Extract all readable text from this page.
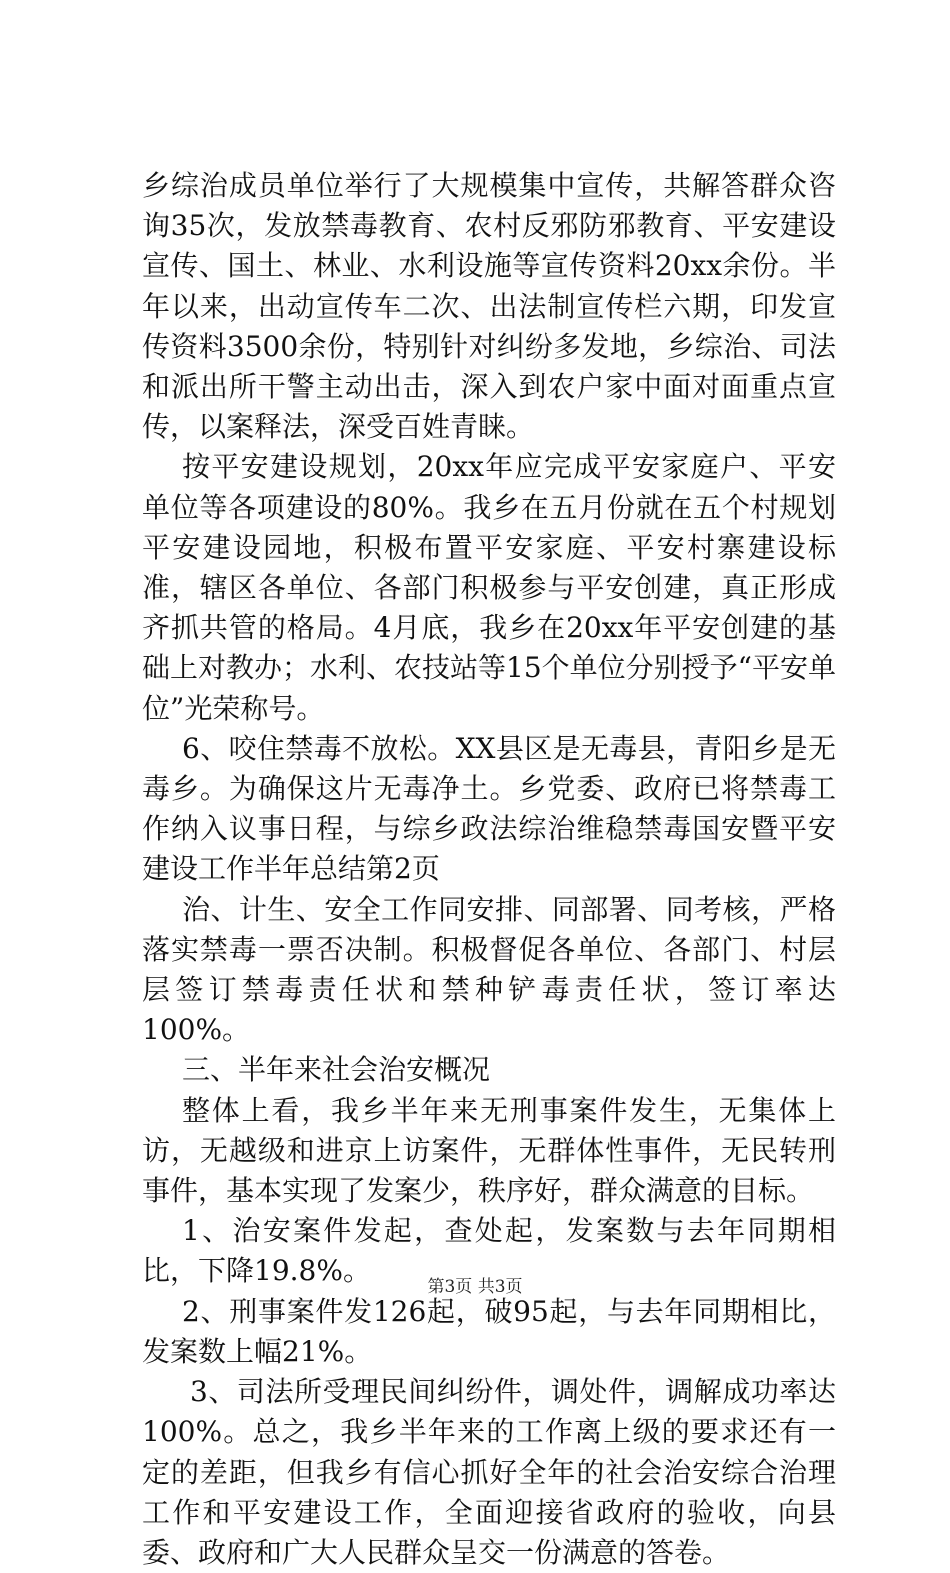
乡综治成员单位举行了大规模集中宣传，共解答群众咨询35次，发放禁毒教育、农村反邪防邪教育、平安建设宣传、国土、林业、水利设施等宣传资料20xx余份。半年以来，出动宣传车二次、出法制宣传栏六期，印发宣传资料3500余份，特别针对纠纷多发地，乡综治、司法和派出所干警主动出击，深入到农户家中面对面重点宣传，以案释法，深受百姓青睐。

按平安建设规划，20xx年应完成平安家庭户、平安单位等各项建设的80%。我乡在五月份就在五个村规划平安建设园地，积极布置平安家庭、平安村寨建设标准，辖区各单位、各部门积极参与平安创建，真正形成齐抓共管的格局。4月底，我乡在20xx年平安创建的基础上对教办；水利、农技站等15个单位分别授予“平安单位”光荣称号。

6、咬住禁毒不放松。XX县区是无毒县，青阳乡是无毒乡。为确保这片无毒净土。乡党委、政府已将禁毒工作纳入议事日程，与综乡政法综治维稳禁毒国安暨平安建设工作半年总结第2页

治、计生、安全工作同安排、同部署、同考核，严格落实禁毒一票否决制。积极督促各单位、各部门、村层层签订禁毒责任状和禁种铲毒责任状，签订率达100%。

三、半年来社会治安概况

整体上看，我乡半年来无刑事案件发生，无集体上访，无越级和进京上访案件，无群体性事件，无民转刑事件，基本实现了发案少，秩序好，群众满意的目标。

1、治安案件发起，查处起，发案数与去年同期相比，下降19.8%。

2、刑事案件发126起，破95起，与去年同期相比，发案数上幅21%。

3、司法所受理民间纠纷件，调处件，调解成功率达100%。总之，我乡半年来的工作离上级的要求还有一定的差距，但我乡有信心抓好全年的社会治安综合治理工作和平安建设工作，全面迎接省政府的验收，向县委、政府和广大人民群众呈交一份满意的答卷。

第3页 共3页
